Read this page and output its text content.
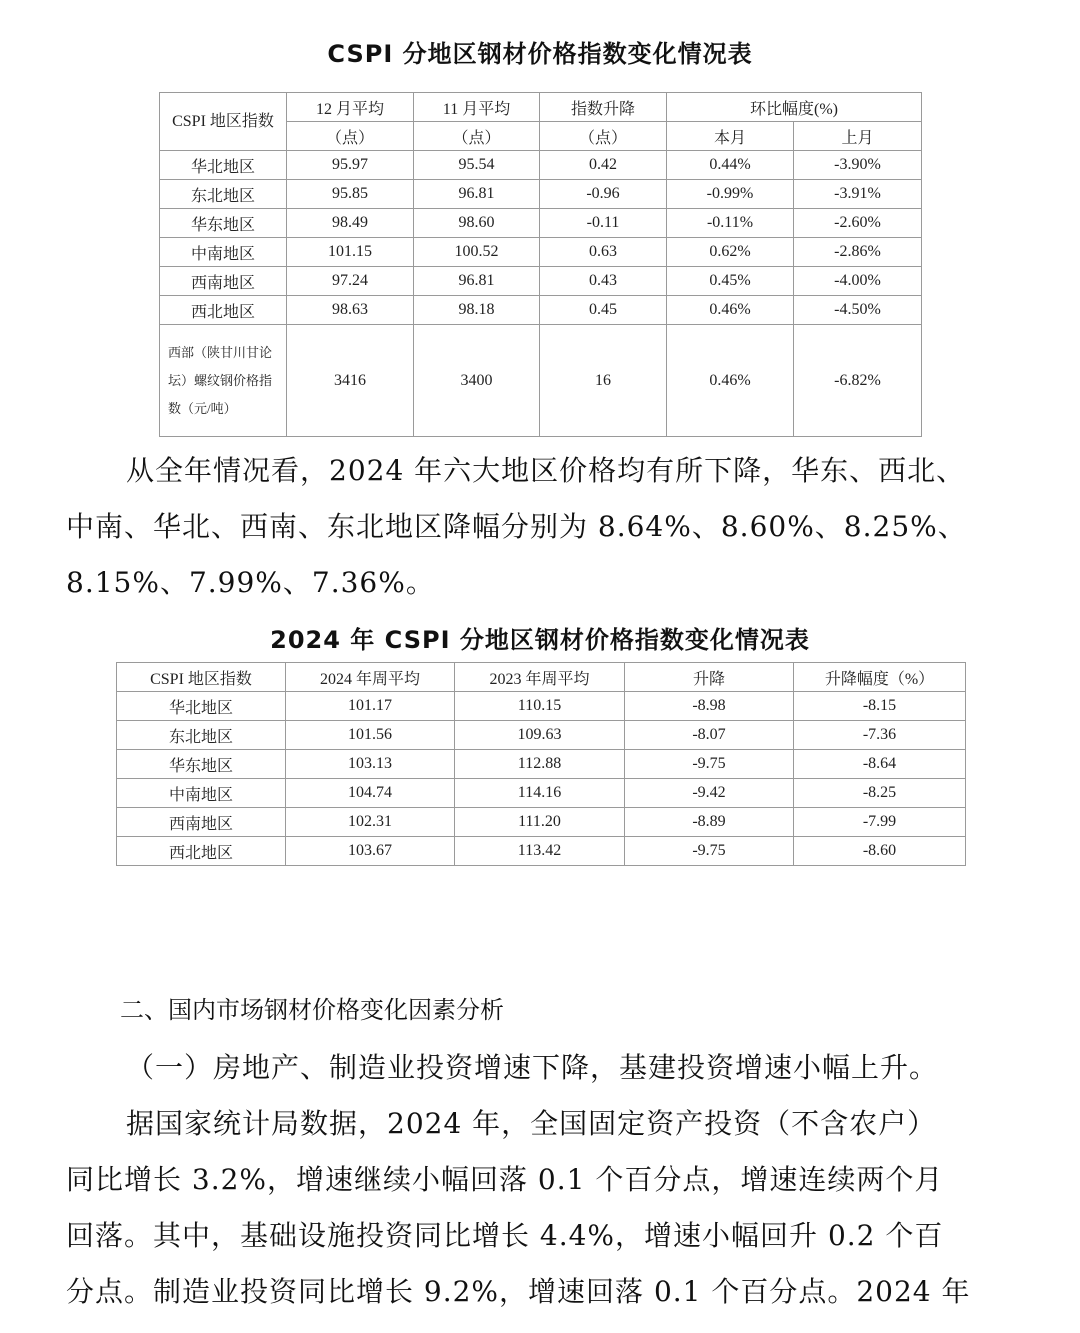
CSPI 分地区钢材价格指数变化情况表
CSPI 地区指数	12 月平均	11 月平均	指数升降	环比幅度(%)	
	（点）	（点）	（点）	本月	上月
华北地区	95.97	95.54	0.42	0.44%	-3.90%
东北地区	95.85	96.81	-0.96	-0.99%	-3.91%
华东地区	98.49	98.60	-0.11	-0.11%	-2.60%
中南地区	101.15	100.52	0.63	0.62%	-2.86%
西南地区	97.24	96.81	0.43	0.45%	-4.00%
西北地区	98.63	98.18	0.45	0.46%	-4.50%
西部（陕甘川甘论坛）螺纹钢价格指数（元/吨）	3416	3400	16	0.46%	-6.82%
从全年情况看，2024 年六大地区价格均有所下降，华东、西北、
中南、华北、西南、东北地区降幅分别为 8.64%、8.60%、8.25%、
8.15%、7.99%、7.36%。
2024 年 CSPI 分地区钢材价格指数变化情况表
CSPI 地区指数	2024 年周平均	2023 年周平均	升降	升降幅度（%）
华北地区	101.17	110.15	-8.98	-8.15
东北地区	101.56	109.63	-8.07	-7.36
华东地区	103.13	112.88	-9.75	-8.64
中南地区	104.74	114.16	-9.42	-8.25
西南地区	102.31	111.20	-8.89	-7.99
西北地区	103.67	113.42	-9.75	-8.60
二、国内市场钢材价格变化因素分析
（一）房地产、制造业投资增速下降，基建投资增速小幅上升。
据国家统计局数据，2024 年，全国固定资产投资（不含农户）
同比增长 3.2%，增速继续小幅回落 0.1 个百分点，增速连续两个月
回落。其中，基础设施投资同比增长 4.4%，增速小幅回升 0.2 个百
分点。制造业投资同比增长 9.2%，增速回落 0.1 个百分点。2024 年
